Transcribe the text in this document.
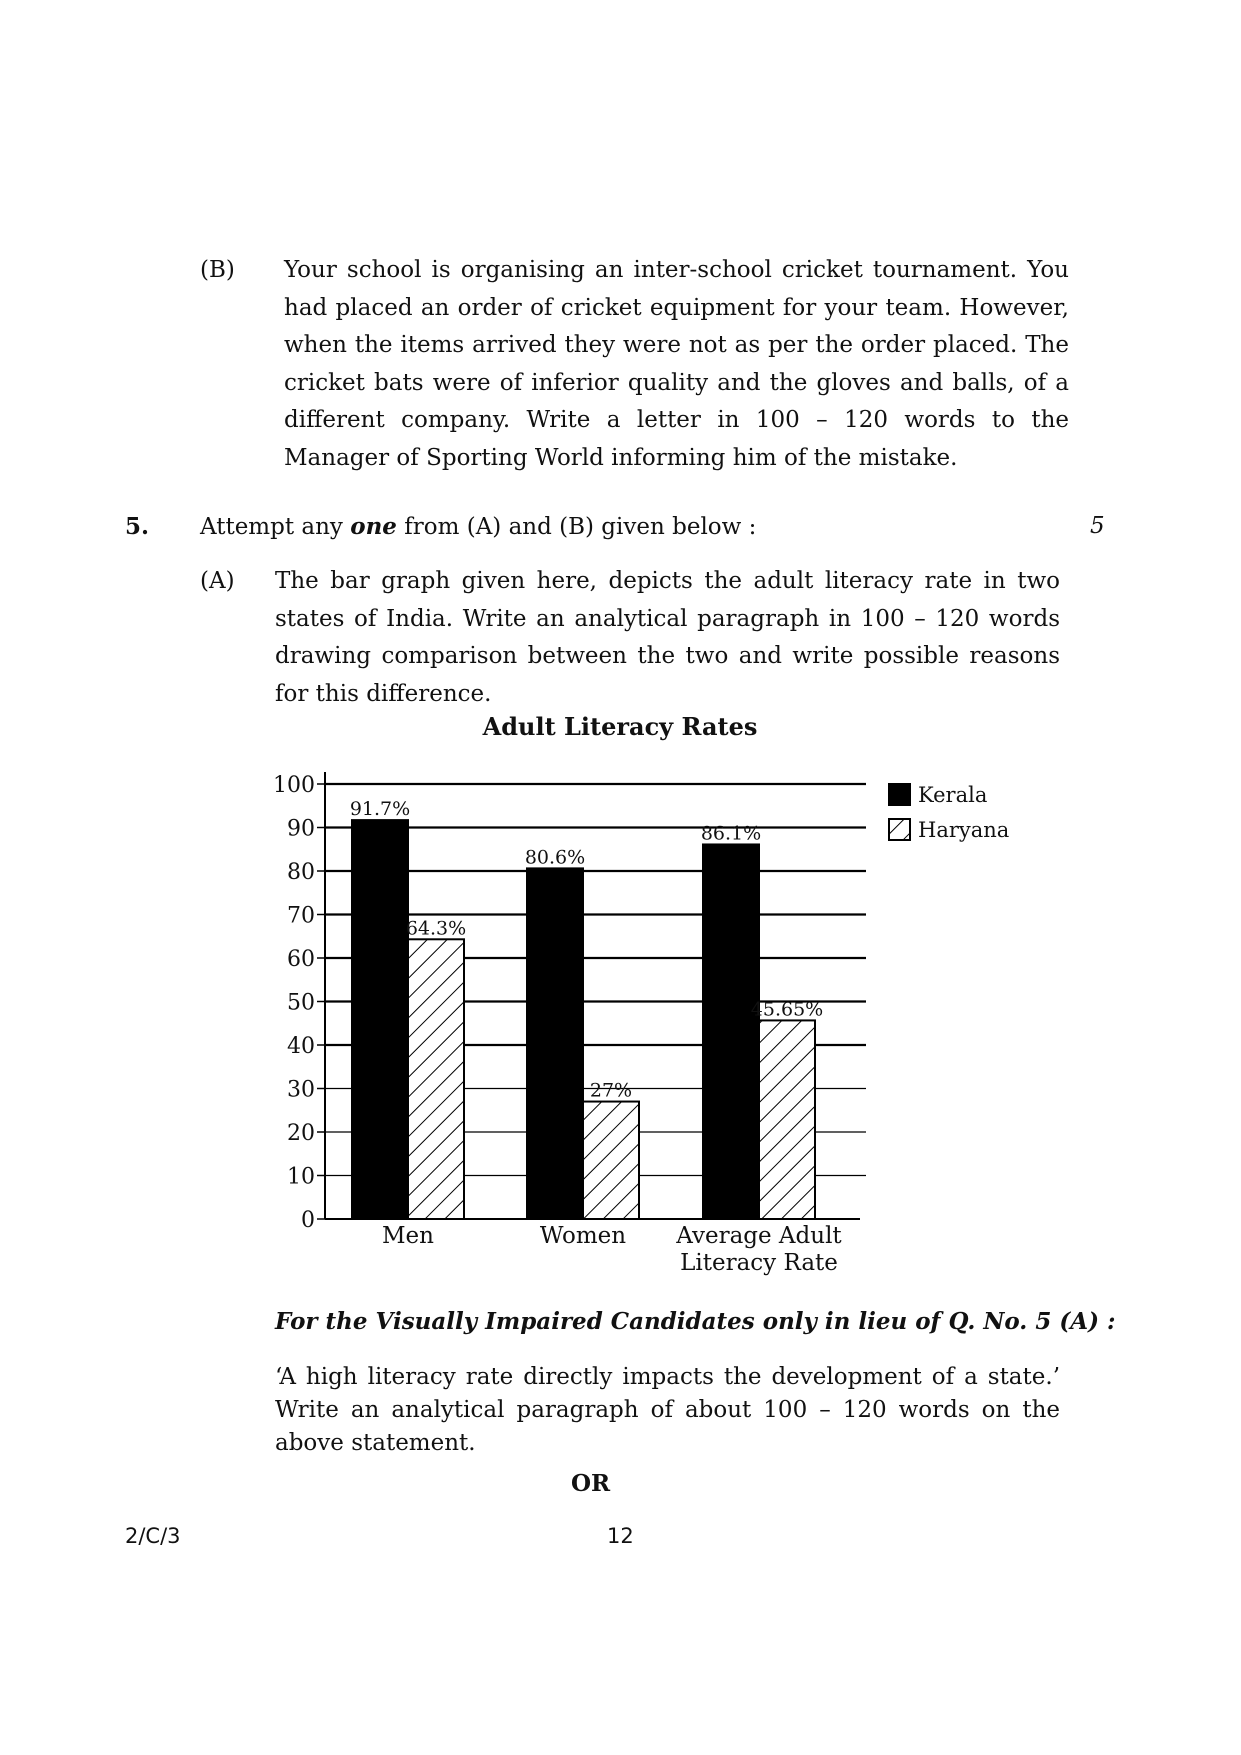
(B) Your school is organising an inter-school cricket tournament. You had placed an order of cricket equipment for your team. However, when the items arrived they were not as per the order placed. The cricket bats were of inferior quality and the gloves and balls, of a different company. Write a letter in 100 – 120 words to the Manager of Sporting World informing him of the mistake.
5. Attempt any one from (A) and (B) given below :	5
(A) The bar graph given here, depicts the adult literacy rate in two states of India. Write an analytical paragraph in 100 – 120 words drawing comparison between the two and write possible reasons for this difference.
Adult Literacy Rates
0
10
20
30
40
50
60
70
80
90
100
91.7%
80.6%
86.1%
64.3%
27%
45.65%
Men	Women Average Adult
Literacy Rate
Kerala
Haryana
For the Visually Impaired Candidates only in lieu of Q. No. 5 (A) :
‘A high literacy rate directly impacts the development of a state.’ Write an analytical paragraph of about 100 – 120 words on the above statement.
OR
2/C/3	12
